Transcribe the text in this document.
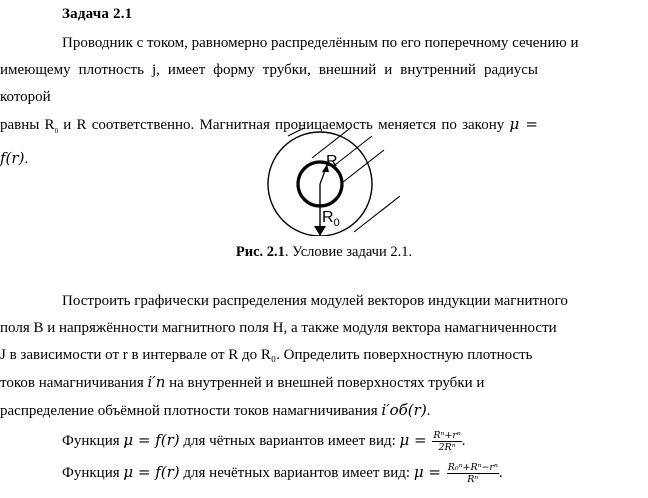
Задача 2.1
Проводник с током, равномерно распределённым по его поперечному сечению и
имеющему плотность j, имеет форму трубки, внешний и внутренний радиусы которой
равны $R_0$ и R соответственно. Магнитная проницаемость меняется по закону μ = f(r).	R
$R_0$
Рис. 2.1. Условие задачи 2.1.
Построить графически распределения модулей векторов индукции магнитного
поля B и напряжённости магнитного поля H, а также модуля вектора намагниченности
J в зависимости от r в интервале от R до R₀. Определить поверхностную плотность
токов намагничивания i′п на внутренней и внешней поверхностях трубки и
распределение объёмной плотности токов намагничивания i′об(r).
Функция μ = f(r) для чётных вариантов имеет вид: $\mu = \frac{\text{Rⁿ+rⁿ}}{\text{2Rⁿ}}$ .
Функция μ = f(r) для нечётных вариантов имеет вид: $\mu = \frac{\text{R₀ⁿ+Rⁿ−rⁿ}}{\text{Rⁿ}}$ .
